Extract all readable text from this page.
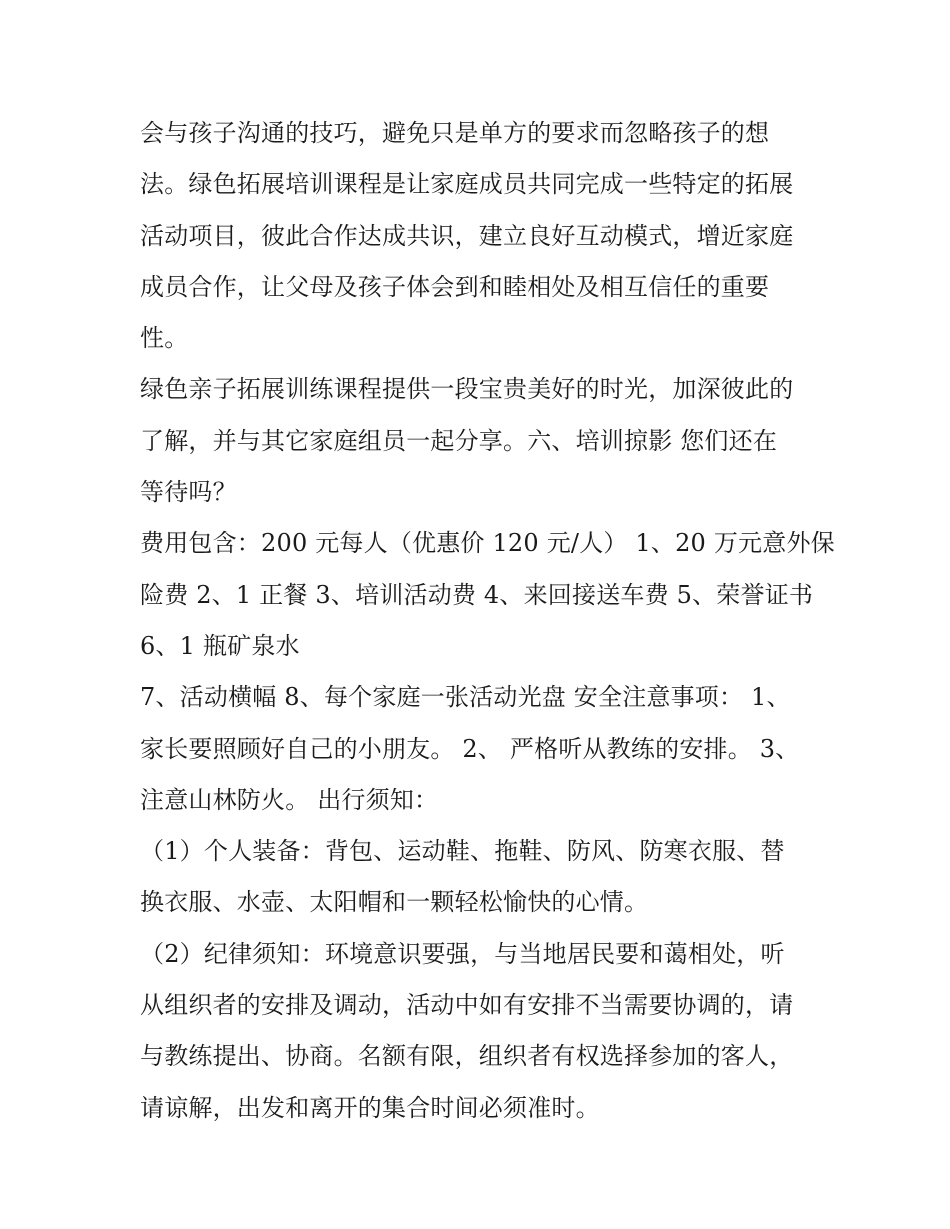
会与孩子沟通的技巧，避免只是单方的要求而忽略孩子的想
法。绿色拓展培训课程是让家庭成员共同完成一些特定的拓展
活动项目，彼此合作达成共识，建立良好互动模式，增近家庭
成员合作，让父母及孩子体会到和睦相处及相互信任的重要
性。
绿色亲子拓展训练课程提供一段宝贵美好的时光，加深彼此的
了解，并与其它家庭组员一起分享。六、培训掠影 您们还在
等待吗？
费用包含：200 元每人（优惠价 120 元/人） 1、20 万元意外保
险费 2、1 正餐 3、培训活动费 4、来回接送车费 5、荣誉证书
6、1 瓶矿泉水
7、活动横幅 8、每个家庭一张活动光盘 安全注意事项： 1、
家长要照顾好自己的小朋友。 2、 严格听从教练的安排。 3、
注意山林防火。 出行须知：
（1）个人装备：背包、运动鞋、拖鞋、防风、防寒衣服、替
换衣服、水壶、太阳帽和一颗轻松愉快的心情。
（2）纪律须知：环境意识要强，与当地居民要和蔼相处，听
从组织者的安排及调动，活动中如有安排不当需要协调的，请
与教练提出、协商。名额有限，组织者有权选择参加的客人，
请谅解，出发和离开的集合时间必须准时。
